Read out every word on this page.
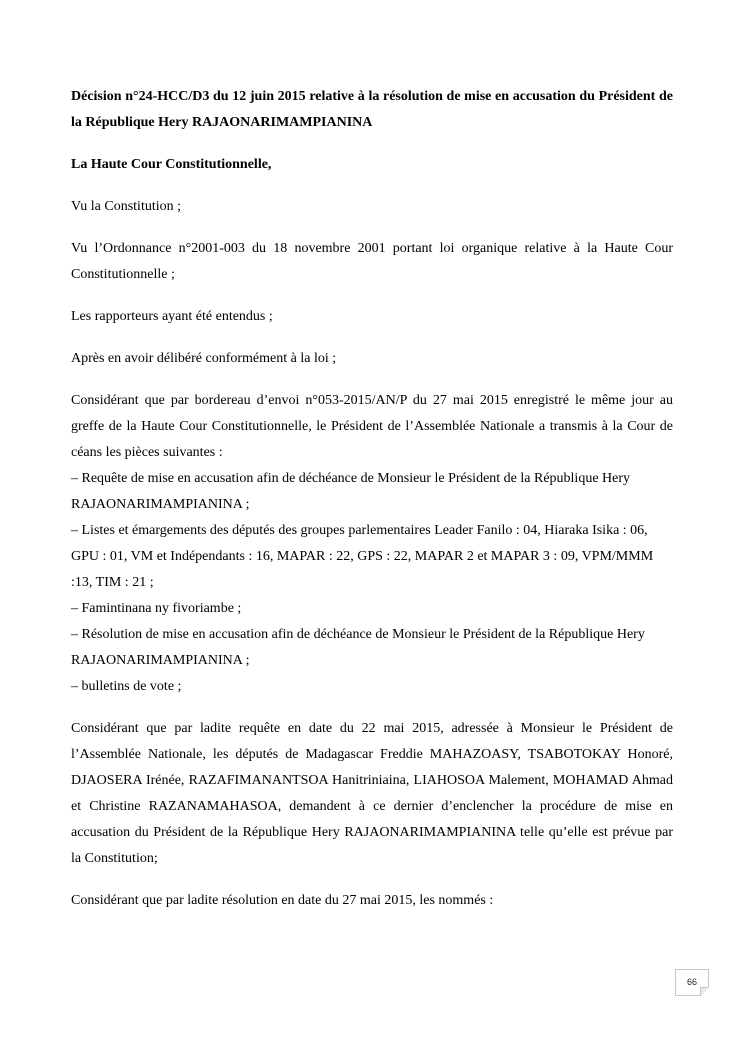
Décision n°24-HCC/D3 du 12 juin 2015 relative à la résolution de mise en accusation du Président de la République Hery RAJAONARIMAMPIANINA

La Haute Cour Constitutionnelle,

Vu la Constitution ;

Vu l’Ordonnance n°2001-003 du 18 novembre 2001 portant loi organique relative à la Haute Cour Constitutionnelle ;

Les rapporteurs ayant été entendus ;

Après en avoir délibéré conformément à la loi ;

Considérant que par bordereau d’envoi n°053-2015/AN/P du 27 mai 2015 enregistré le même jour au greffe de la Haute Cour Constitutionnelle, le Président de l’Assemblée Nationale a transmis à la Cour de céans les pièces suivantes :

– Requête de mise en accusation afin de déchéance de Monsieur le Président de la République Hery RAJAONARIMAMPIANINA ;

– Listes et émargements des députés des groupes parlementaires Leader Fanilo : 04, Hiaraka Isika : 06, GPU : 01, VM et Indépendants : 16, MAPAR : 22, GPS : 22, MAPAR 2 et MAPAR 3 : 09, VPM/MMM :13, TIM : 21 ;

– Famintinana ny fivoriambe ;

– Résolution de mise en accusation afin de déchéance de Monsieur le Président de la République Hery RAJAONARIMAMPIANINA ;

– bulletins de vote ;

Considérant que par ladite requête en date du 22 mai 2015, adressée à Monsieur le Président de l’Assemblée Nationale, les députés de Madagascar Freddie MAHAZOASY, TSABOTOKAY Honoré, DJAOSERA Irénée, RAZAFIMANANTSOA Hanitriniaina, LIAHOSOA Malement, MOHAMAD Ahmad et Christine RAZANAMAHASOA, demandent à ce dernier d’enclencher la procédure de mise en accusation du Président de la République Hery RAJAONARIMAMPIANINA telle qu’elle est prévue par la Constitution;

Considérant que par ladite résolution en date du 27 mai 2015, les nommés :

66
